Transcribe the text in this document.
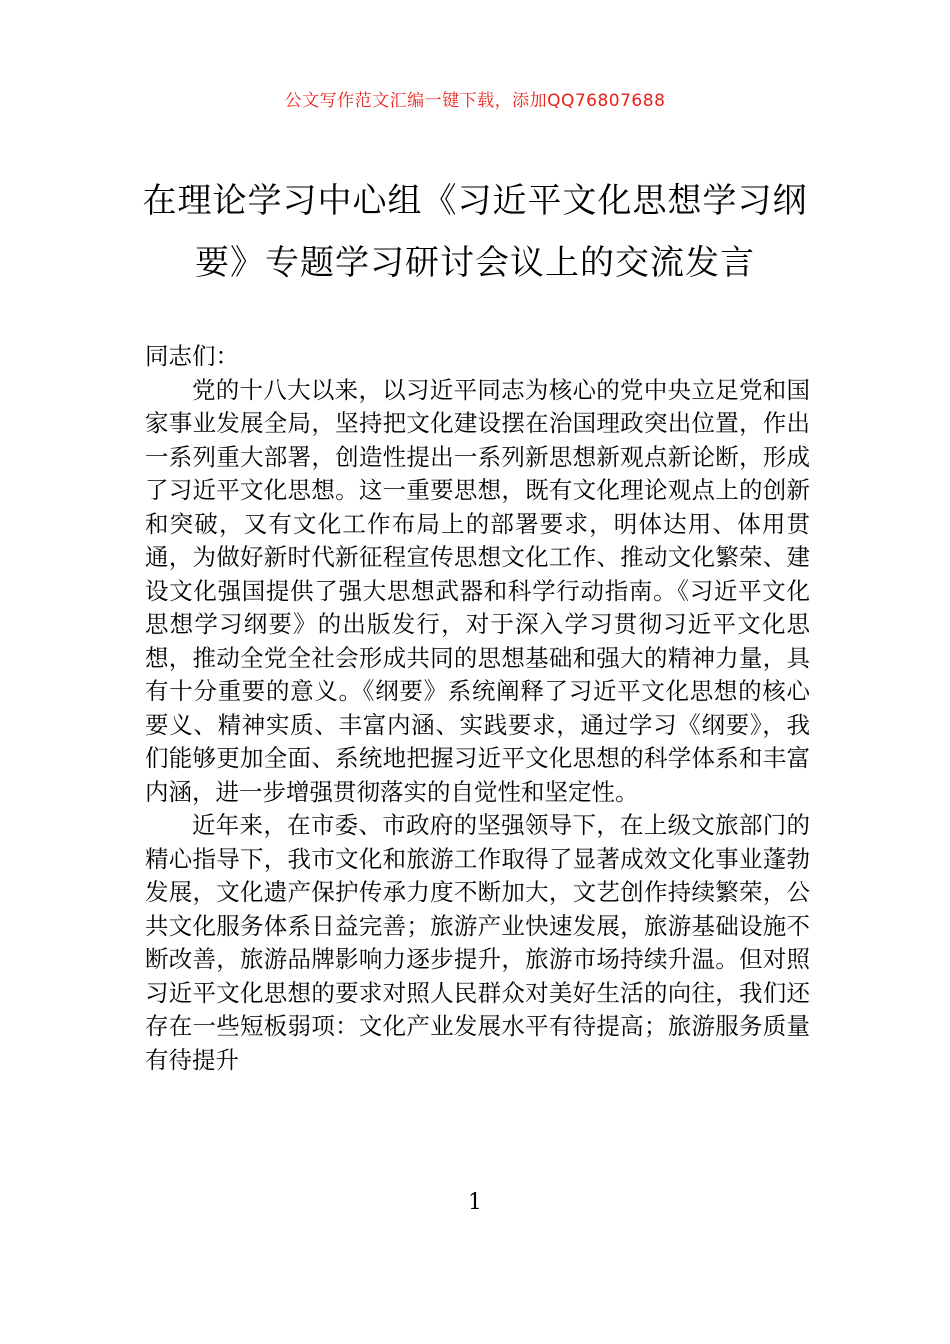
公文写作范文汇编一键下载，添加QQ76807688
在理论学习中心组《习近平文化思想学习纲要》专题学习研讨会议上的交流发言

同志们：

党的十八大以来，以习近平同志为核心的党中央立足党和国家事业发展全局，坚持把文化建设摆在治国理政突出位置，作出一系列重大部署，创造性提出一系列新思想新观点新论断，形成了习近平文化思想。这一重要思想，既有文化理论观点上的创新和突破，又有文化工作布局上的部署要求，明体达用、体用贯通，为做好新时代新征程宣传思想文化工作、推动文化繁荣、建设文化强国提供了强大思想武器和科学行动指南。《习近平文化思想学习纲要》的出版发行，对于深入学习贯彻习近平文化思想，推动全党全社会形成共同的思想基础和强大的精神力量，具有十分重要的意义。《纲要》系统阐释了习近平文化思想的核心要义、精神实质、丰富内涵、实践要求，通过学习《纲要》，我们能够更加全面、系统地把握习近平文化思想的科学体系和丰富内涵，进一步增强贯彻落实的自觉性和坚定性。

近年来，在市委、市政府的坚强领导下，在上级文旅部门的精心指导下，我市文化和旅游工作取得了显著成效文化事业蓬勃发展，文化遗产保护传承力度不断加大，文艺创作持续繁荣，公共文化服务体系日益完善；旅游产业快速发展，旅游基础设施不断改善，旅游品牌影响力逐步提升，旅游市场持续升温。但对照习近平文化思想的要求对照人民群众对美好生活的向往，我们还存在一些短板弱项：文化产业发展水平有待提高；旅游服务质量有待提升

1
